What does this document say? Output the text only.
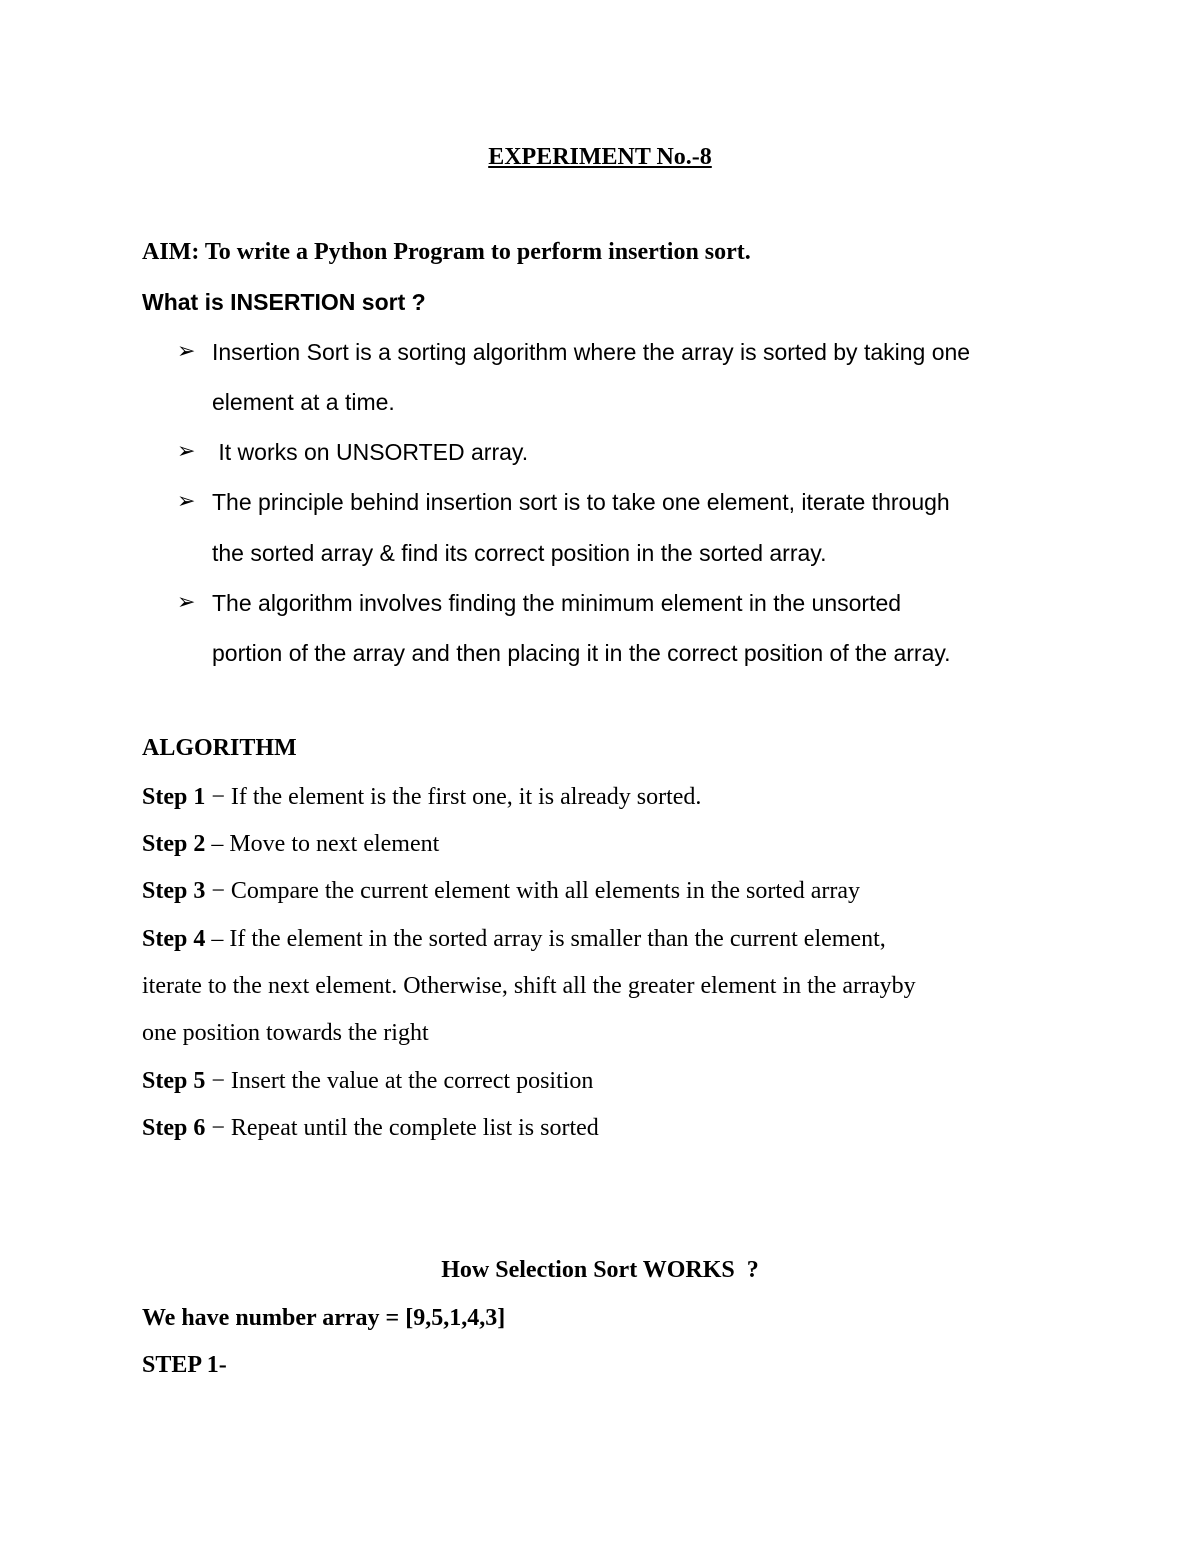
EXPERIMENT No.-8
AIM: To write a Python Program to perform insertion sort.
What is INSERTION sort ?
➢ Insertion Sort is a sorting algorithm where the array is sorted by taking one
element at a time.
➢ It works on UNSORTED array.
➢ The principle behind insertion sort is to take one element, iterate through
the sorted array & find its correct position in the sorted array.
➢ The algorithm involves finding the minimum element in the unsorted
portion of the array and then placing it in the correct position of the array.
ALGORITHM
Step 1 − If the element is the first one, it is already sorted.
Step 2 – Move to next element
Step 3 − Compare the current element with all elements in the sorted array
Step 4 – If the element in the sorted array is smaller than the current element,
iterate to the next element. Otherwise, shift all the greater element in the arrayby
one position towards the right
Step 5 − Insert the value at the correct position
Step 6 − Repeat until the complete list is sorted
How Selection Sort WORKS  ?
We have number array = [9,5,1,4,3]
STEP 1-
